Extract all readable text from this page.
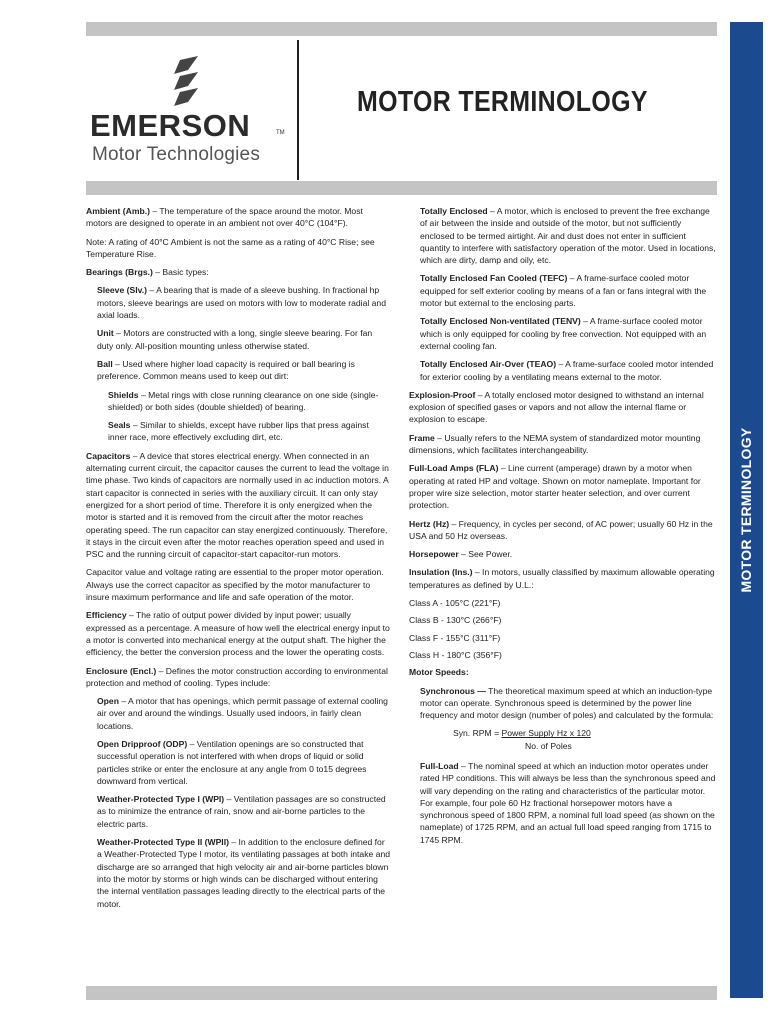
MOTOR TERMINOLOGY
EMERSON	TM
Motor Technologies
MOTOR TERMINOLOGY

Ambient (Amb.) – The temperature of the space around the motor. Most motors are designed to operate in an ambient not over 40°C (104°F).

Note: A rating of 40°C Ambient is not the same as a rating of 40°C Rise; see Temperature Rise.

Bearings (Brgs.) – Basic types:

Sleeve (Slv.) – A bearing that is made of a sleeve bushing. In fractional hp motors, sleeve bearings are used on motors with low to moderate radial and axial loads.

Unit – Motors are constructed with a long, single sleeve bearing. For fan duty only. All-position mounting unless otherwise stated.

Ball – Used where higher load capacity is required or ball bearing is preference. Common means used to keep out dirt:

Shields – Metal rings with close running clearance on one side (single-shielded) or both sides (double shielded) of bearing.

Seals – Similar to shields, except have rubber lips that press against inner race, more effectively excluding dirt, etc.

Capacitors – A device that stores electrical energy. When connected in an alternating current circuit, the capacitor causes the current to lead the voltage in time phase. Two kinds of capacitors are normally used in ac induction motors. A start capacitor is connected in series with the auxiliary circuit. It can only stay energized for a short period of time. Therefore it is only energized when the motor is started and it is removed from the circuit after the motor reaches operating speed. The run capacitor can stay energized continuously. Therefore, it stays in the circuit even after the motor reaches operation speed and used in PSC and the running circuit of capacitor-start capacitor-run motors.

Capacitor value and voltage rating are essential to the proper motor operation. Always use the correct capacitor as specified by the motor manufacturer to insure maximum performance and life and safe operation of the motor.

Efficiency – The ratio of output power divided by input power; usually expressed as a percentage. A measure of how well the electrical energy input to a motor is converted into mechanical energy at the output shaft. The higher the efficiency, the better the conversion process and the lower the operating costs.

Enclosure (Encl.) – Defines the motor construction according to environmental protection and method of cooling. Types include:

Open – A motor that has openings, which permit passage of external cooling air over and around the windings. Usually used indoors, in fairly clean locations.

Open Dripproof (ODP) – Ventilation openings are so constructed that successful operation is not interfered with when drops of liquid or solid particles strike or enter the enclosure at any angle from 0 to15 degrees downward from vertical.

Weather-Protected Type I (WPI) – Ventilation passages are so constructed as to minimize the entrance of rain, snow and air-borne particles to the electric parts.

Weather-Protected Type II (WPII) – In addition to the enclosure defined for a Weather-Protected Type I motor, its ventilating passages at both intake and discharge are so arranged that high velocity air and air-borne particles blown into the motor by storms or high winds can be discharged without entering the internal ventilation passages leading directly to the electrical parts of the motor.

Totally Enclosed – A motor, which is enclosed to prevent the free exchange of air between the inside and outside of the motor, but not sufficiently enclosed to be termed airtight. Air and dust does not enter in sufficient quantity to interfere with satisfactory operation of the motor. Used in locations, which are dirty, damp and oily, etc.

Totally Enclosed Fan Cooled (TEFC) – A frame-surface cooled motor equipped for self exterior cooling by means of a fan or fans integral with the motor but external to the enclosing parts.

Totally Enclosed Non-ventilated (TENV) – A frame-surface cooled motor which is only equipped for cooling by free convection. Not equipped with an external cooling fan.

Totally Enclosed Air-Over (TEAO) – A frame-surface cooled motor intended for exterior cooling by a ventilating means external to the motor.

Explosion-Proof – A totally enclosed motor designed to withstand an internal explosion of specified gases or vapors and not allow the internal flame or explosion to escape.

Frame – Usually refers to the NEMA system of standardized motor mounting dimensions, which facilitates interchangeability.

Full-Load Amps (FLA) – Line current (amperage) drawn by a motor when operating at rated HP and voltage. Shown on motor nameplate. Important for proper wire size selection, motor starter heater selection, and over current protection.

Hertz (Hz) – Frequency, in cycles per second, of AC power; usually 60 Hz in the USA and 50 Hz overseas.

Horsepower – See Power.

Insulation (Ins.) – In motors, usually classified by maximum allowable operating temperatures as defined by U.L.:

Class A - 105°C (221°F)

Class B - 130°C (266°F)

Class F - 155°C (311°F)

Class H - 180°C (356°F)

Motor Speeds:

Synchronous — The theoretical maximum speed at which an induction-type motor can operate. Synchronous speed is determined by the power line frequency and motor design (number of poles) and calculated by the formula:

Syn. RPM = Power Supply Hz x 120
No. of Poles

Full-Load – The nominal speed at which an induction motor operates under rated HP conditions. This will always be less than the synchronous speed and will vary depending on the rating and characteristics of the particular motor. For example, four pole 60 Hz fractional horsepower motors have a synchronous speed of 1800 RPM, a nominal full load speed (as shown on the nameplate) of 1725 RPM, and an actual full load speed ranging from 1715 to 1745 RPM.
